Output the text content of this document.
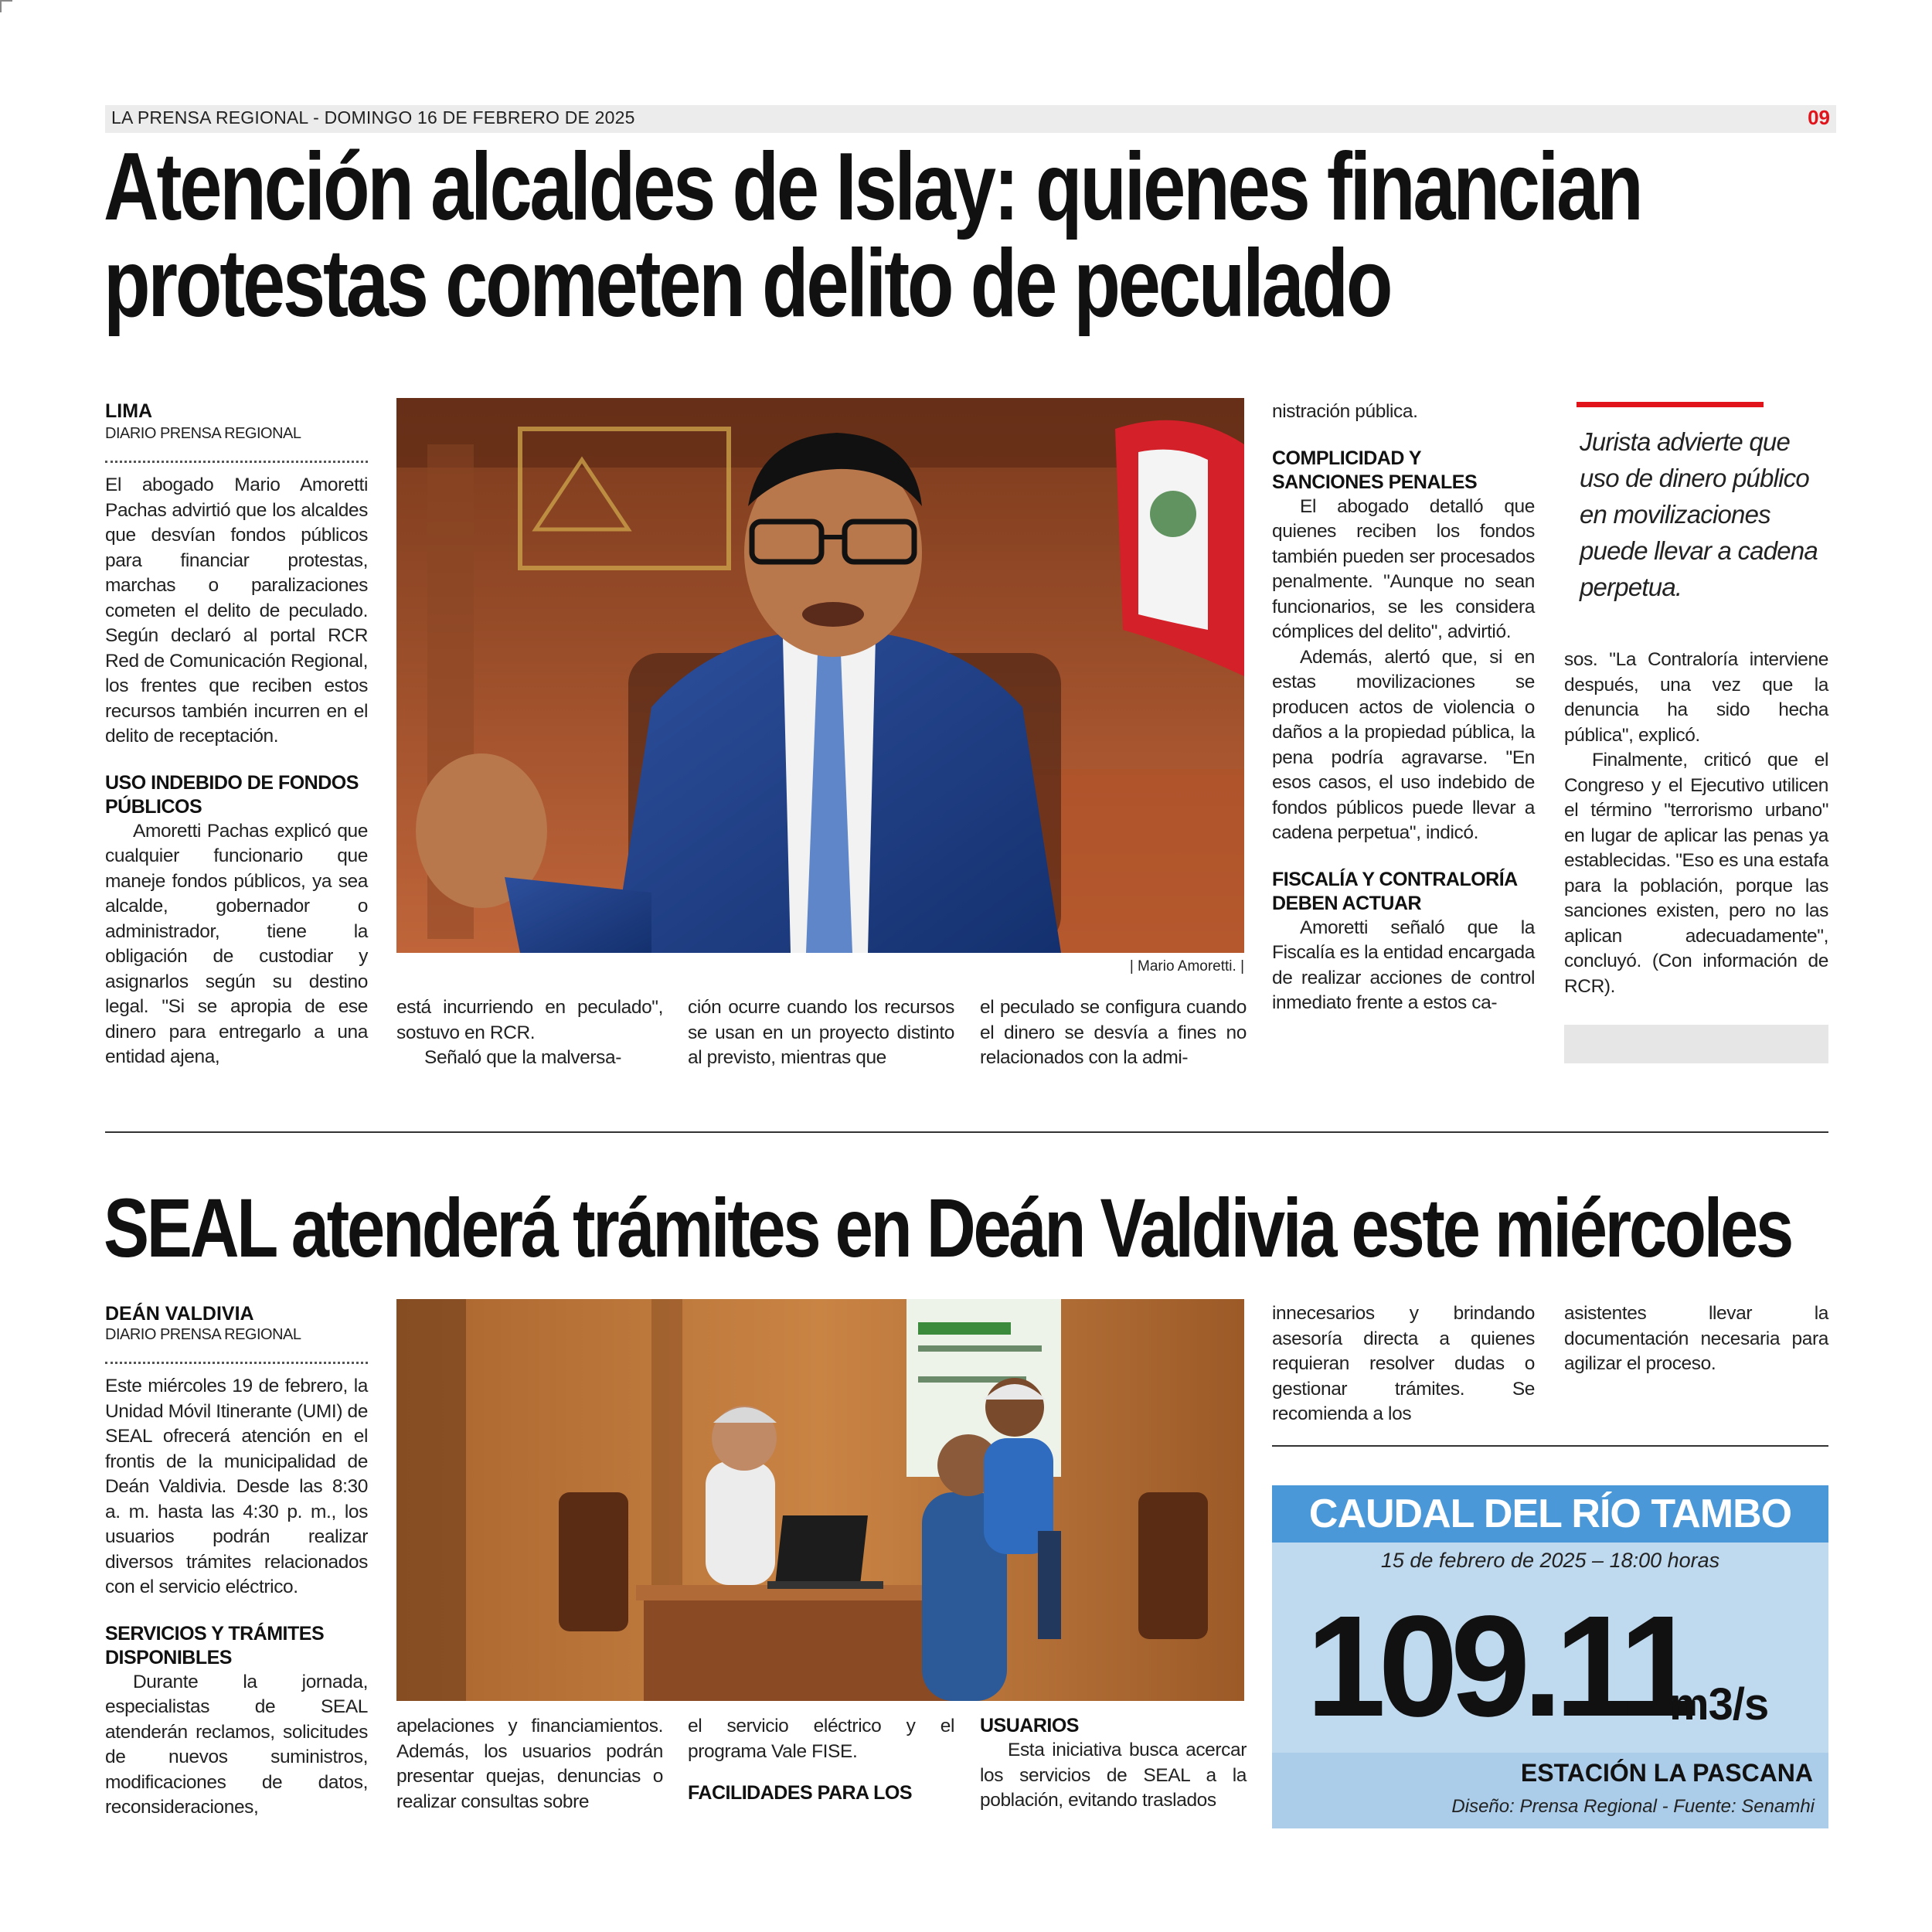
LA PRENSA REGIONAL - DOMINGO 16 DE FEBRERO DE 2025	09
Atención alcaldes de Islay: quienes financian
protestas cometen delito de peculado
LIMA
DIARIO PRENSA REGIONAL

El abogado Mario Amoretti Pachas advirtió que los alcaldes que desvían fondos públicos para financiar protestas, marchas o paralizaciones cometen el delito de peculado. Según declaró al portal RCR Red de Comunicación Regional, los frentes que reciben estos recursos también incurren en el delito de receptación.

USO INDEBIDO DE FONDOS PÚBLICOS

Amoretti Pachas explicó que cualquier funcionario que maneje fondos públicos, ya sea alcalde, gobernador o administrador, tiene la obligación de custodiar y asignarlos según su destino legal. "Si se apropia de ese dinero para entregarlo a una entidad ajena,

| Mario Amoretti. |

está incurriendo en peculado", sostuvo en RCR.

Señaló que la malversa-

ción ocurre cuando los recursos se usan en un proyecto distinto al previsto, mientras que

el peculado se configura cuando el dinero se desvía a fines no relacionados con la admi-

nistración pública.

COMPLICIDAD Y SANCIONES PENALES

El abogado detalló que quienes reciben los fondos también pueden ser procesados penalmente. "Aunque no sean funcionarios, se les considera cómplices del delito", advirtió.

Además, alertó que, si en estas movilizaciones se producen actos de violencia o daños a la propiedad pública, la pena podría agravarse. "En esos casos, el uso indebido de fondos públicos puede llevar a cadena perpetua", indicó.

FISCALÍA Y CONTRALORÍA DEBEN ACTUAR

Amoretti señaló que la Fiscalía es la entidad encargada de realizar acciones de control inmediato frente a estos ca-

Jurista advierte que uso de dinero público en movilizaciones puede llevar a cadena perpetua.

sos. "La Contraloría interviene después, una vez que la denuncia ha sido hecha pública", explicó.

Finalmente, criticó que el Congreso y el Ejecutivo utilicen el término "terrorismo urbano" en lugar de aplicar las penas ya establecidas. "Eso es una estafa para la población, porque las sanciones existen, pero no las aplican adecuadamente", concluyó. (Con información de RCR).

SEAL atenderá trámites en Deán Valdivia este miércoles
DEÁN VALDIVIA
DIARIO PRENSA REGIONAL

Este miércoles 19 de febrero, la Unidad Móvil Itinerante (UMI) de SEAL ofrecerá atención en el frontis de la municipalidad de Deán Valdivia. Desde las 8:30 a. m. hasta las 4:30 p. m., los usuarios podrán realizar diversos trámites relacionados con el servicio eléctrico.

SERVICIOS Y TRÁMITES DISPONIBLES

Durante la jornada, especialistas de SEAL atenderán reclamos, solicitudes de nuevos suministros, modificaciones de datos, reconsideraciones,

apelaciones y financiamientos. Además, los usuarios podrán presentar quejas, denuncias o realizar consultas sobre

el servicio eléctrico y el programa Vale FISE.

FACILIDADES PARA LOS
USUARIOS

Esta iniciativa busca acercar los servicios de SEAL a la población, evitando traslados

innecesarios y brindando asesoría directa a quienes requieran resolver dudas o gestionar trámites. Se recomienda a los

asistentes llevar la documentación necesaria para agilizar el proceso.

CAUDAL DEL RÍO TAMBO
15 de febrero de 2025 – 18:00 horas
109.11
m3/s
ESTACIÓN LA PASCANA
Diseño: Prensa Regional - Fuente: Senamhi
